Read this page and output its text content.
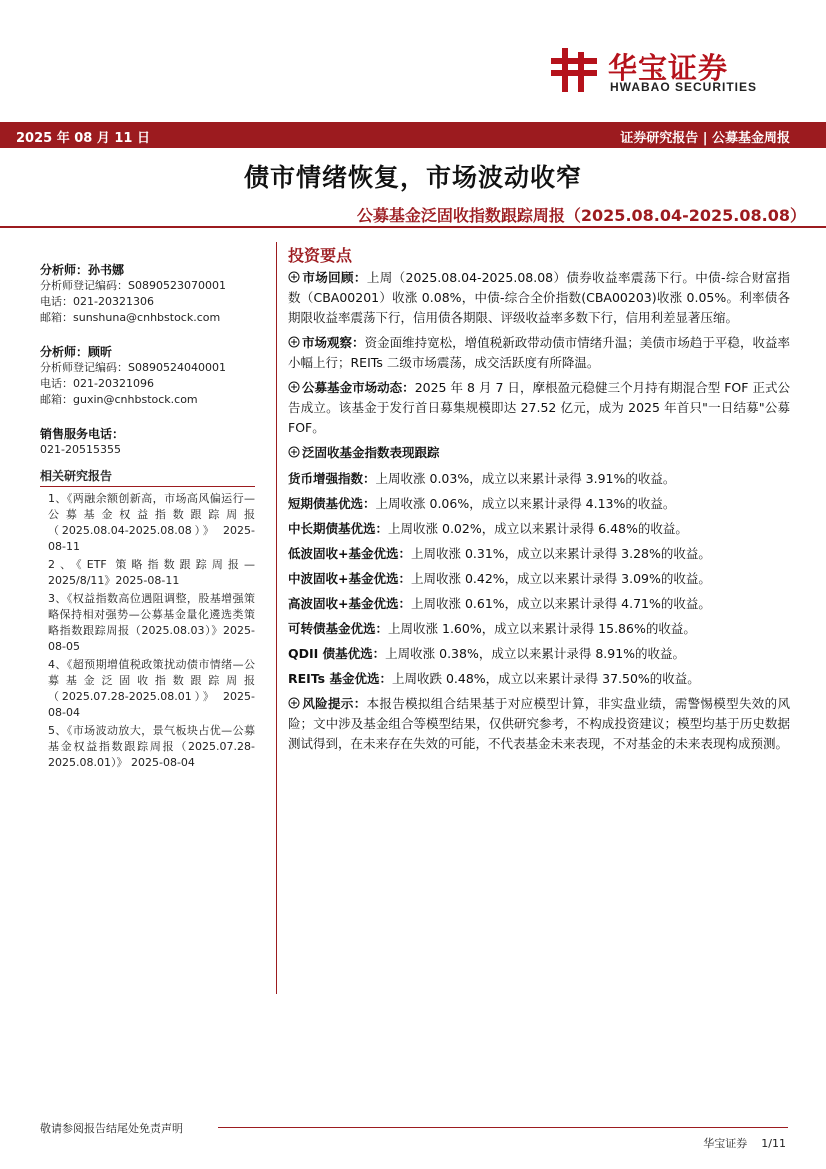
华宝证券
HWABAO SECURITIES
2025 年 08 月 11 日	证券研究报告 | 公募基金周报
债市情绪恢复，市场波动收窄
公募基金泛固收指数跟踪周报（2025.08.04-2025.08.08）
分析师：孙书娜
分析师登记编码：S0890523070001
电话：021-20321306
邮箱：sunshuna@cnhbstock.com
分析师：顾昕
分析师登记编码：S0890524040001
电话：021-20321096
邮箱：guxin@cnhbstock.com
销售服务电话：
021-20515355
相关研究报告
1、《两融余额创新高，市场高风偏运行—公募基金权益指数跟踪周报（2025.08.04-2025.08.08）》 2025-08-11
2、《ETF 策略指数跟踪周报—2025/8/11》2025-08-11
3、《权益指数高位遇阻调整，股基增强策略保持相对强势—公募基金量化遴选类策略指数跟踪周报（2025.08.03）》2025-08-05
4、《超预期增值税政策扰动债市情绪—公募基金泛固收指数跟踪周报（2025.07.28-2025.08.01）》 2025-08-04
5、《市场波动放大，景气板块占优—公募基金权益指数跟踪周报（2025.07.28-2025.08.01）》 2025-08-04
投资要点
市场回顾：上周（2025.08.04-2025.08.08）债券收益率震荡下行。中债-综合财富指数（CBA00201）收涨 0.08%，中债-综合全价指数(CBA00203)收涨 0.05%。利率债各期限收益率震荡下行，信用债各期限、评级收益率多数下行，信用利差显著压缩。
市场观察：资金面维持宽松，增值税新政带动债市情绪升温；美债市场趋于平稳，收益率小幅上行；REITs 二级市场震荡，成交活跃度有所降温。
公募基金市场动态：2025 年 8 月 7 日，摩根盈元稳健三个月持有期混合型 FOF 正式公告成立。该基金于发行首日募集规模即达 27.52 亿元，成为 2025 年首只"一日结募"公募 FOF。
泛固收基金指数表现跟踪
货币增强指数：上周收涨 0.03%，成立以来累计录得 3.91%的收益。
短期债基优选：上周收涨 0.06%，成立以来累计录得 4.13%的收益。
中长期债基优选：上周收涨 0.02%，成立以来累计录得 6.48%的收益。
低波固收+基金优选：上周收涨 0.31%，成立以来累计录得 3.28%的收益。
中波固收+基金优选：上周收涨 0.42%，成立以来累计录得 3.09%的收益。
高波固收+基金优选：上周收涨 0.61%，成立以来累计录得 4.71%的收益。
可转债基金优选：上周收涨 1.60%，成立以来累计录得 15.86%的收益。
QDII 债基优选：上周收涨 0.38%，成立以来累计录得 8.91%的收益。
REITs 基金优选：上周收跌 0.48%，成立以来累计录得 37.50%的收益。
风险提示：本报告模拟组合结果基于对应模型计算，非实盘业绩，需警惕模型失效的风险；文中涉及基金组合等模型结果，仅供研究参考，不构成投资建议；模型均基于历史数据测试得到，在未来存在失效的可能，不代表基金未来表现，不对基金的未来表现构成预测。
敬请参阅报告结尾处免责声明
华宝证券 1/11
